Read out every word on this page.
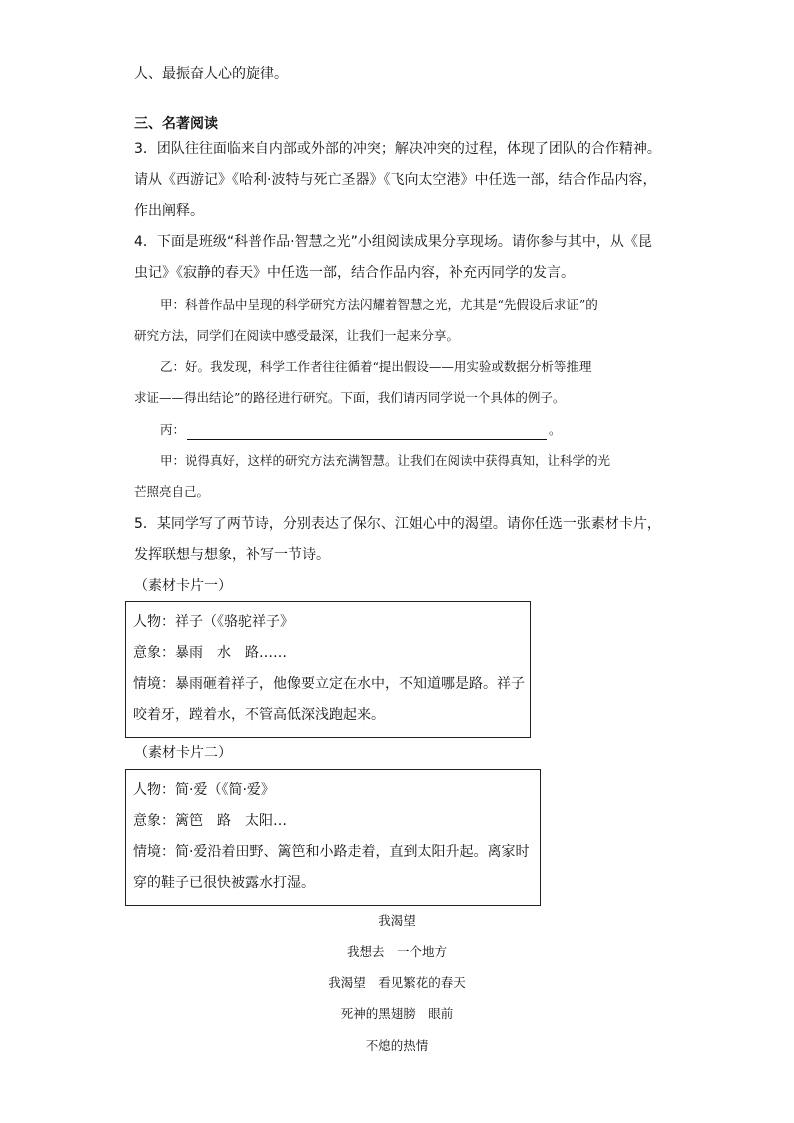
人、最振奋人心的旋律。
三、名著阅读
3．团队往往面临来自内部或外部的冲突；解决冲突的过程，体现了团队的合作精神。
请从《西游记》《哈利·波特与死亡圣器》《飞向太空港》中任选一部，结合作品内容，
作出阐释。
4．下面是班级“科普作品·智慧之光”小组阅读成果分享现场。请你参与其中，从《昆
虫记》《寂静的春天》中任选一部，结合作品内容，补充丙同学的发言。
甲：科普作品中呈现的科学研究方法闪耀着智慧之光，尤其是“先假设后求证”的
研究方法，同学们在阅读中感受最深，让我们一起来分享。
乙：好。我发现，科学工作者往往循着“提出假设——用实验或数据分析等推理
求证——得出结论”的路径进行研究。下面，我们请丙同学说一个具体的例子。
丙：	。
甲：说得真好，这样的研究方法充满智慧。让我们在阅读中获得真知，让科学的光
芒照亮自己。
5．某同学写了两节诗，分别表达了保尔、江姐心中的渴望。请你任选一张素材卡片，
发挥联想与想象，补写一节诗。
（素材卡片一）
人物：祥子（《骆驼祥子》
意象：暴雨　水　路……
情境：暴雨砸着祥子，他像要立定在水中，不知道哪是路。祥子
咬着牙，蹚着水，不管高低深浅跑起来。
（素材卡片二）
人物：简·爱（《简·爱》
意象：篱笆　路　太阳…
情境：简·爱沿着田野、篱笆和小路走着，直到太阳升起。离家时
穿的鞋子已很快被露水打湿。
我渴望
我想去　一个地方
我渴望　看见繁花的春天
死神的黑翅膀　眼前
不熄的热情
